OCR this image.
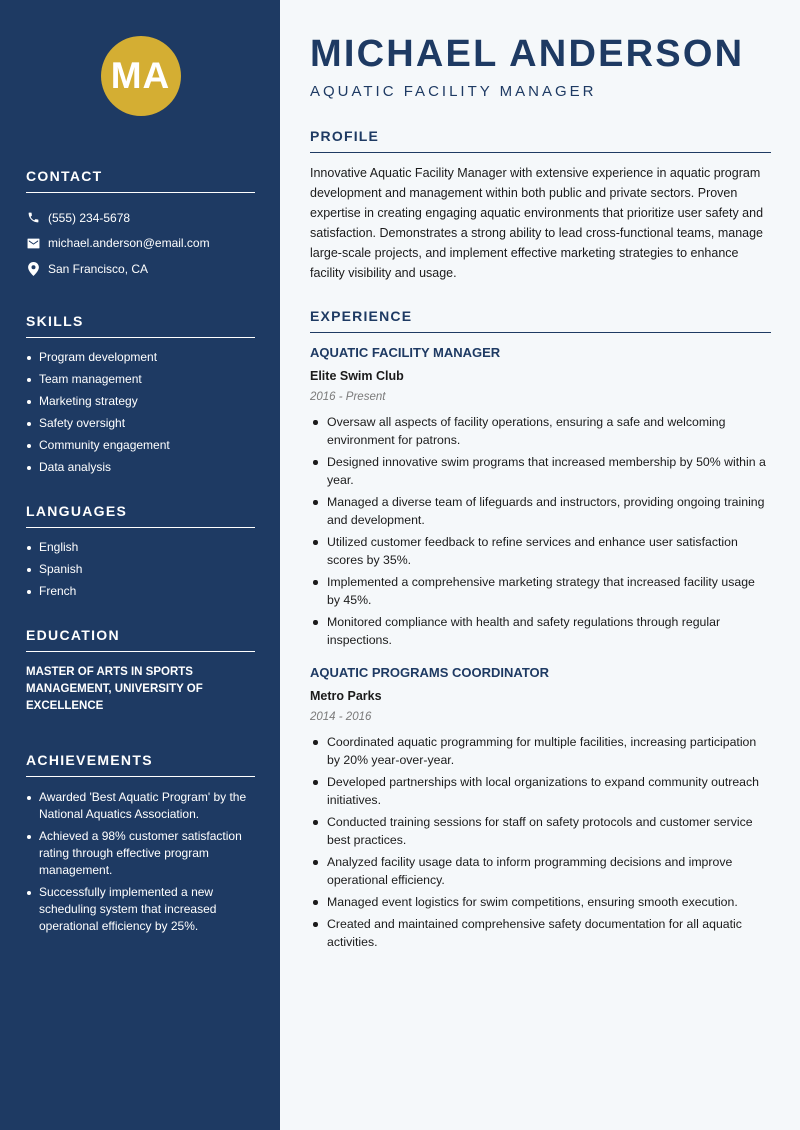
MA
CONTACT
(555) 234-5678
michael.anderson@email.com
San Francisco, CA
SKILLS
Program development
Team management
Marketing strategy
Safety oversight
Community engagement
Data analysis
LANGUAGES
English
Spanish
French
EDUCATION

MASTER OF ARTS IN SPORTS MANAGEMENT, UNIVERSITY OF EXCELLENCE

ACHIEVEMENTS
Awarded 'Best Aquatic Program' by the National Aquatics Association.
Achieved a 98% customer satisfaction rating through effective program management.
Successfully implemented a new scheduling system that increased operational efficiency by 25%.
MICHAEL ANDERSON
AQUATIC FACILITY MANAGER
PROFILE

Innovative Aquatic Facility Manager with extensive experience in aquatic program development and management within both public and private sectors. Proven expertise in creating engaging aquatic environments that prioritize user safety and satisfaction. Demonstrates a strong ability to lead cross-functional teams, manage large-scale projects, and implement effective marketing strategies to enhance facility visibility and usage.

EXPERIENCE
AQUATIC FACILITY MANAGER
Elite Swim Club
2016 - Present
Oversaw all aspects of facility operations, ensuring a safe and welcoming environment for patrons.
Designed innovative swim programs that increased membership by 50% within a year.
Managed a diverse team of lifeguards and instructors, providing ongoing training and development.
Utilized customer feedback to refine services and enhance user satisfaction scores by 35%.
Implemented a comprehensive marketing strategy that increased facility usage by 45%.
Monitored compliance with health and safety regulations through regular inspections.
AQUATIC PROGRAMS COORDINATOR
Metro Parks
2014 - 2016
Coordinated aquatic programming for multiple facilities, increasing participation by 20% year-over-year.
Developed partnerships with local organizations to expand community outreach initiatives.
Conducted training sessions for staff on safety protocols and customer service best practices.
Analyzed facility usage data to inform programming decisions and improve operational efficiency.
Managed event logistics for swim competitions, ensuring smooth execution.
Created and maintained comprehensive safety documentation for all aquatic activities.
